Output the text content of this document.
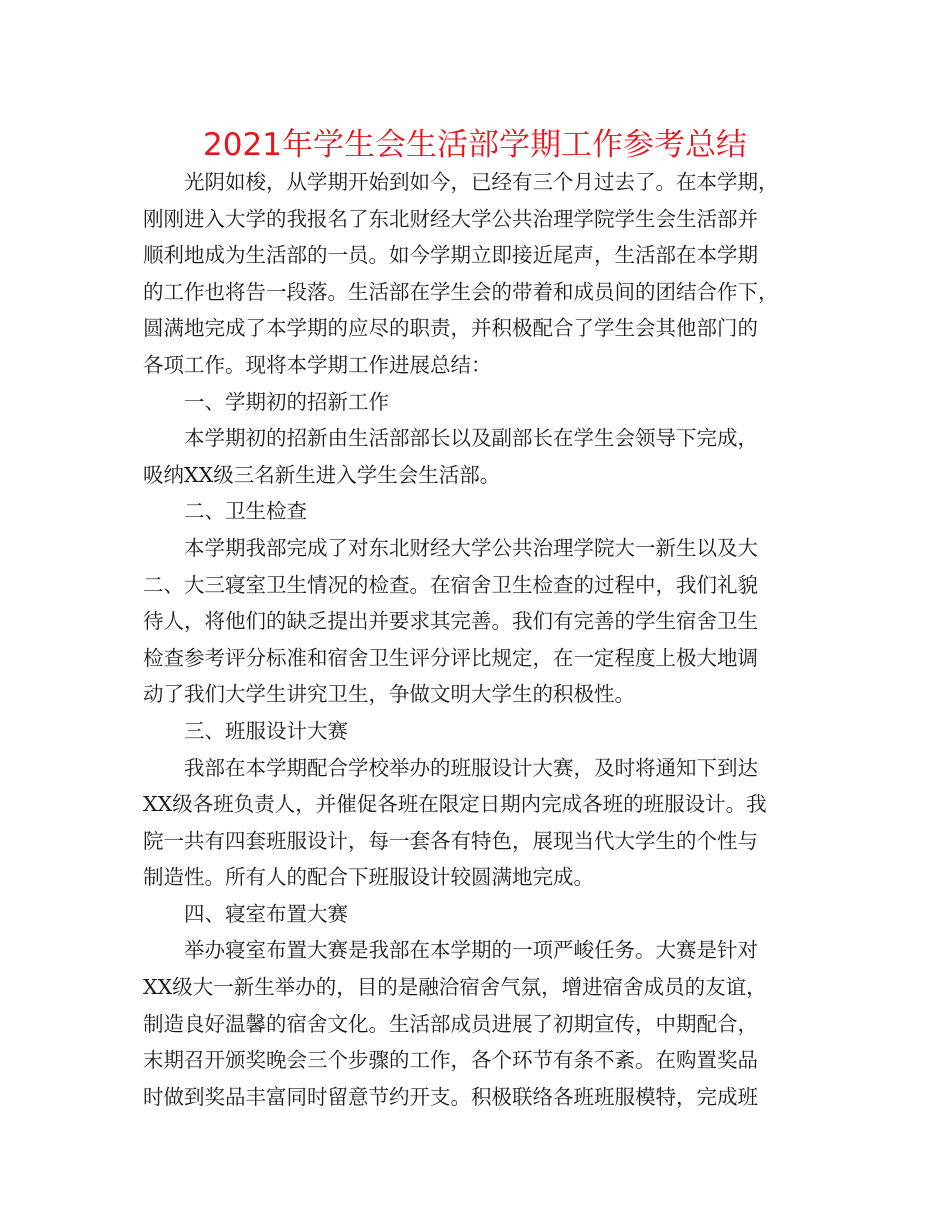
2021年学生会生活部学期工作参考总结
光阴如梭，从学期开始到如今，已经有三个月过去了。在本学期，
刚刚进入大学的我报名了东北财经大学公共治理学院学生会生活部并
顺利地成为生活部的一员。如今学期立即接近尾声，生活部在本学期
的工作也将告一段落。生活部在学生会的带着和成员间的团结合作下，
圆满地完成了本学期的应尽的职责，并积极配合了学生会其他部门的
各项工作。现将本学期工作进展总结：
一、学期初的招新工作
本学期初的招新由生活部部长以及副部长在学生会领导下完成，
吸纳XX级三名新生进入学生会生活部。
二、卫生检查
本学期我部完成了对东北财经大学公共治理学院大一新生以及大
二、大三寝室卫生情况的检查。在宿舍卫生检查的过程中，我们礼貌
待人，将他们的缺乏提出并要求其完善。我们有完善的学生宿舍卫生
检查参考评分标准和宿舍卫生评分评比规定，在一定程度上极大地调
动了我们大学生讲究卫生，争做文明大学生的积极性。
三、班服设计大赛
我部在本学期配合学校举办的班服设计大赛，及时将通知下到达
XX级各班负责人，并催促各班在限定日期内完成各班的班服设计。我
院一共有四套班服设计，每一套各有特色，展现当代大学生的个性与
制造性。所有人的配合下班服设计较圆满地完成。
四、寝室布置大赛
举办寝室布置大赛是我部在本学期的一项严峻任务。大赛是针对
XX级大一新生举办的，目的是融洽宿舍气氛，增进宿舍成员的友谊，
制造良好温馨的宿舍文化。生活部成员进展了初期宣传，中期配合，
末期召开颁奖晚会三个步骤的工作，各个环节有条不紊。在购置奖品
时做到奖品丰富同时留意节约开支。积极联络各班班服模特，完成班
